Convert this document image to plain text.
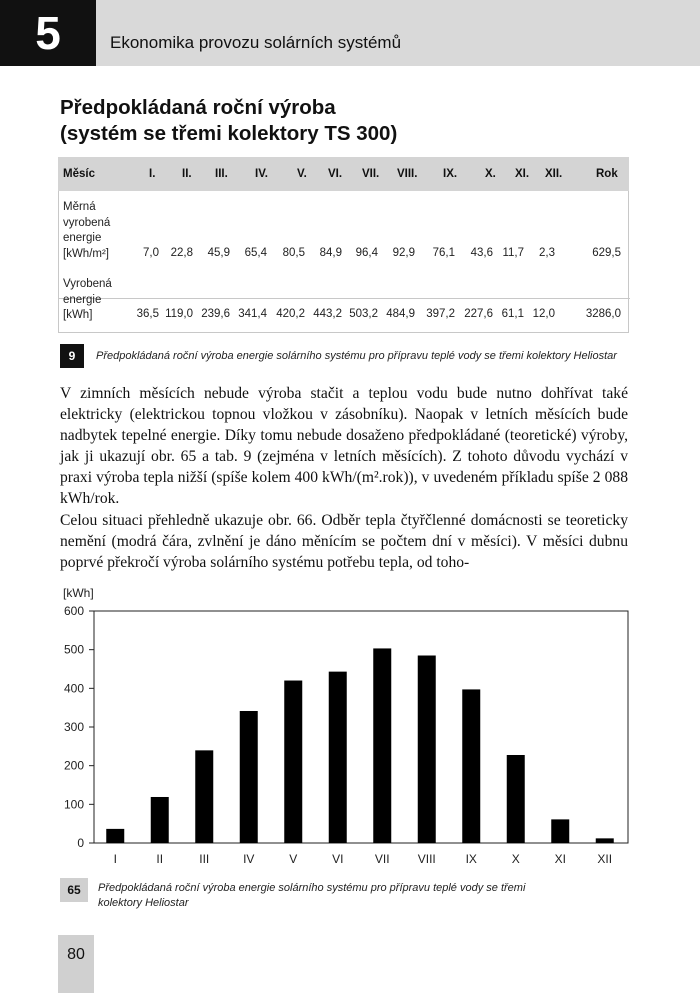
5	Ekonomika provozu solárních systémů
Předpokládaná roční výroba
(systém se třemi kolektory TS 300)
Měsíc	I. II. III. IV.	V. VI. VII. VIII. IX. X. XI. XII.	Rok
Měrná
vyrobená
energie
[kWh/m²]	7,0	22,8	45,9	65,4	80,5	84,9	96,4	92,9	76,1	43,6 11,7	2,3	629,5
Vyrobená
energie
[kWh]	36,5 119,0 239,6 341,4 420,2 443,2 503,2 484,9 397,2 227,6 61,1 12,0	3286,0
9	Předpokládaná roční výroba energie solárního systému pro přípravu teplé vody se třemi kolektory Heliostar

V zimních měsících nebude výroba stačit a teplou vodu bude nutno dohřívat také elektricky (elektrickou topnou vložkou v zásobníku). Naopak v letních měsících bude nadbytek tepelné energie. Díky tomu nebude dosaženo předpokládané (teoretické) výroby, jak ji ukazují obr. 65 a tab. 9 (zejména v letních měsících). Z tohoto důvodu vychází v praxi výroba tepla nižší (spíše kolem 400 kWh/(m².rok)), v uvedeném příkladu spíše 2 088 kWh/rok.

Celou situaci přehledně ukazuje obr. 66. Odběr tepla čtyřčlenné domácnosti se teoreticky nemění (modrá čára, zvlnění je dáno měnícím se počtem dní v měsíci). V měsíci dubnu poprvé překročí výroba solárního systému potřebu tepla, od toho-

[kWh]
0
100
200
300
400
500
600
I	II	III	IV	V	VI	VII VIII IX	X	XI	XII
65	Předpokládaná roční výroba energie solárního systému pro přípravu teplé vody se třemi
kolektory Heliostar
80
